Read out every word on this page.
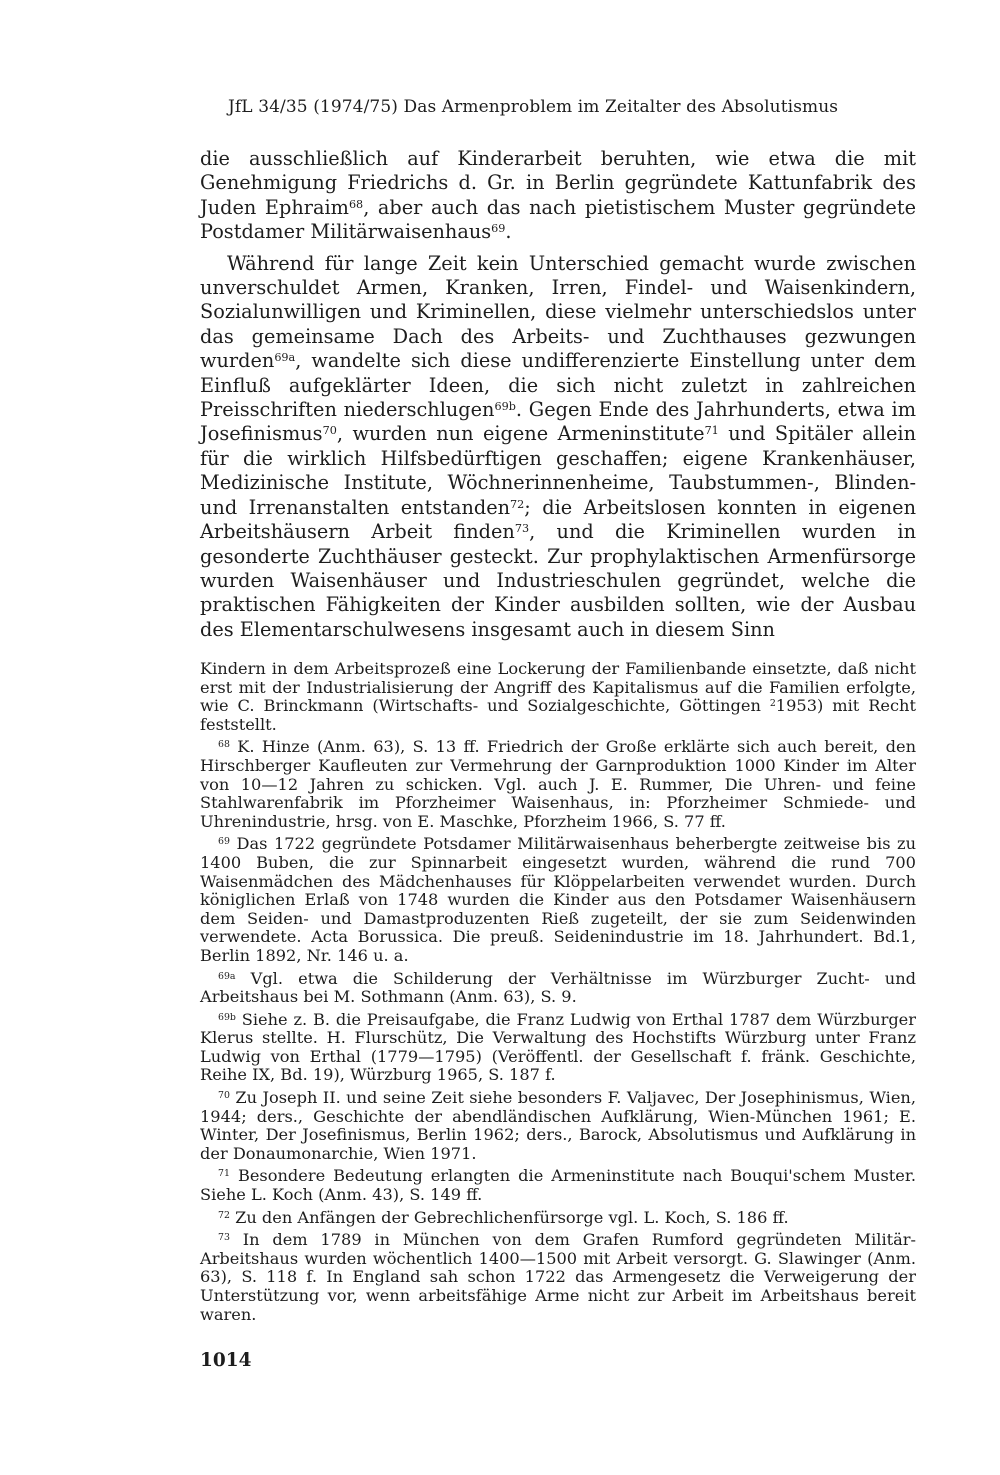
JfL 34/35 (1974/75) Das Armenproblem im Zeitalter des Absolutismus

die ausschließlich auf Kinderarbeit beruhten, wie etwa die mit Genehmigung Friedrichs d. Gr. in Berlin gegründete Kattunfabrik des Juden Ephraim$^{68}$, aber auch das nach pietistischem Muster gegründete Postdamer Militärwaisenhaus$^{69}$.

Während für lange Zeit kein Unterschied gemacht wurde zwischen unverschuldet Armen, Kranken, Irren, Findel- und Waisenkindern, Sozialunwilligen und Kriminellen, diese vielmehr unterschiedslos unter das gemeinsame Dach des Arbeits- und Zuchthauses gezwungen wurden$^{69a}$, wandelte sich diese undifferenzierte Einstellung unter dem Einfluß aufgeklärter Ideen, die sich nicht zuletzt in zahlreichen Preisschriften niederschlugen$^{69b}$. Gegen Ende des Jahrhunderts, etwa im Josefinismus$^{70}$, wurden nun eigene Armeninstitute$^{71}$ und Spitäler allein für die wirklich Hilfsbedürftigen geschaffen; eigene Krankenhäuser, Medizinische Institute, Wöchnerinnenheime, Taubstummen-, Blinden- und Irrenanstalten entstanden$^{72}$; die Arbeitslosen konnten in eigenen Arbeitshäusern Arbeit finden$^{73}$, und die Kriminellen wurden in gesonderte Zuchthäuser gesteckt. Zur prophylaktischen Armenfürsorge wurden Waisenhäuser und Industrieschulen gegründet, welche die praktischen Fähigkeiten der Kinder ausbilden sollten, wie der Ausbau des Elementarschulwesens insgesamt auch in diesem Sinn

Kindern in dem Arbeitsprozeß eine Lockerung der Familienbande einsetzte, daß nicht erst mit der Industrialisierung der Angriff des Kapitalismus auf die Familien erfolgte, wie C. Brinckmann (Wirtschafts- und Sozialgeschichte, Göttingen $^2$1953) mit Recht feststellt.

$^{68}$ K. Hinze (Anm. 63), S. 13 ff. Friedrich der Große erklärte sich auch bereit, den Hirschberger Kaufleuten zur Vermehrung der Garnproduktion 1000 Kinder im Alter von 10—12 Jahren zu schicken. Vgl. auch J. E. Rummer, Die Uhren- und feine Stahlwarenfabrik im Pforzheimer Waisenhaus, in: Pforzheimer Schmiede- und Uhrenindustrie, hrsg. von E. Maschke, Pforzheim 1966, S. 77 ff.

$^{69}$ Das 1722 gegründete Potsdamer Militärwaisenhaus beherbergte zeitweise bis zu 1400 Buben, die zur Spinnarbeit eingesetzt wurden, während die rund 700 Waisenmädchen des Mädchenhauses für Klöppelarbeiten verwendet wurden. Durch königlichen Erlaß von 1748 wurden die Kinder aus den Potsdamer Waisenhäusern dem Seiden- und Damastproduzenten Rieß zugeteilt, der sie zum Seidenwinden verwendete. Acta Borussica. Die preuß. Seidenindustrie im 18. Jahrhundert. Bd.1, Berlin 1892, Nr. 146 u. a.

$^{69a}$ Vgl. etwa die Schilderung der Verhältnisse im Würzburger Zucht- und Arbeitshaus bei M. Sothmann (Anm. 63), S. 9.

$^{69b}$ Siehe z. B. die Preisaufgabe, die Franz Ludwig von Erthal 1787 dem Würzburger Klerus stellte. H. Flurschütz, Die Verwaltung des Hochstifts Würzburg unter Franz Ludwig von Erthal (1779—1795) (Veröffentl. der Gesellschaft f. fränk. Geschichte, Reihe IX, Bd. 19), Würzburg 1965, S. 187 f.

$^{70}$ Zu Joseph II. und seine Zeit siehe besonders F. Valjavec, Der Josephinismus, Wien, 1944; ders., Geschichte der abendländischen Aufklärung, Wien-München 1961; E. Winter, Der Josefinismus, Berlin 1962; ders., Barock, Absolutismus und Aufklärung in der Donaumonarchie, Wien 1971.

$^{71}$ Besondere Bedeutung erlangten die Armeninstitute nach Bouqui'schem Muster. Siehe L. Koch (Anm. 43), S. 149 ff.

$^{72}$ Zu den Anfängen der Gebrechlichenfürsorge vgl. L. Koch, S. 186 ff.

$^{73}$ In dem 1789 in München von dem Grafen Rumford gegründeten Militär-Arbeitshaus wurden wöchentlich 1400—1500 mit Arbeit versorgt. G. Slawinger (Anm. 63), S. 118 f. In England sah schon 1722 das Armengesetz die Verweigerung der Unterstützung vor, wenn arbeitsfähige Arme nicht zur Arbeit im Arbeitshaus bereit waren.

1014
